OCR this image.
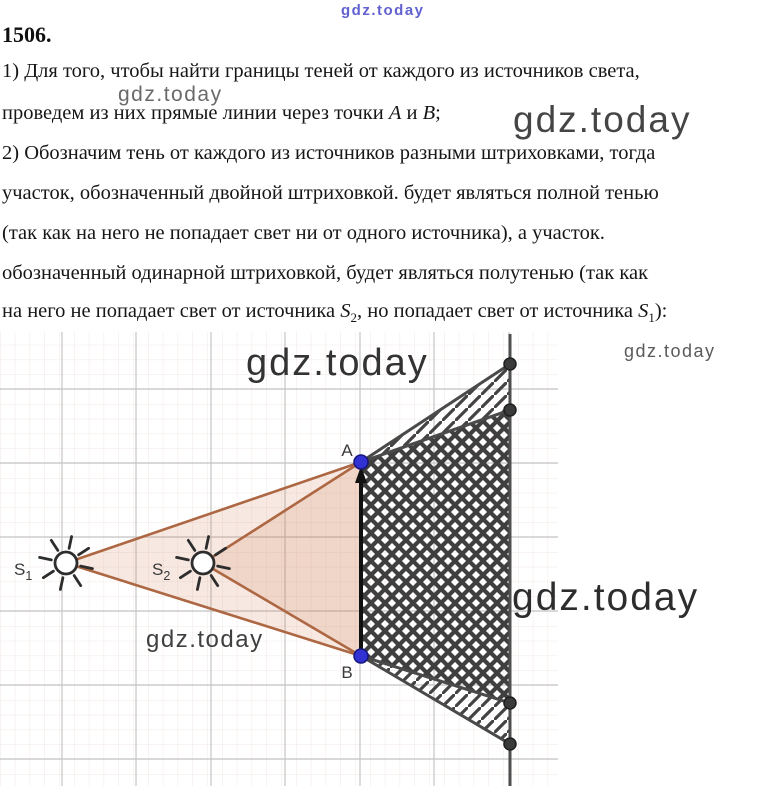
gdz.today
gdz.today
gdz.today
1506.
1) Для того, чтобы найти границы теней от каждого из источников света,
проведем из них прямые линии через точки A и B;
2) Обозначим тень от каждого из источников разными штриховками, тогда
участок, обозначенный двойной штриховкой. будет являться полной тенью
(так как на него не попадает свет ни от одного источника), а участок.
обозначенный одинарной штриховкой, будет являться полутенью (так как
на него не попадает свет от источника $S_2$, но попадает свет от источника $S_1$):
A
B
$S_1$	$S_2$
gdz.today	gdz.today
gdz.today
gdz.today
